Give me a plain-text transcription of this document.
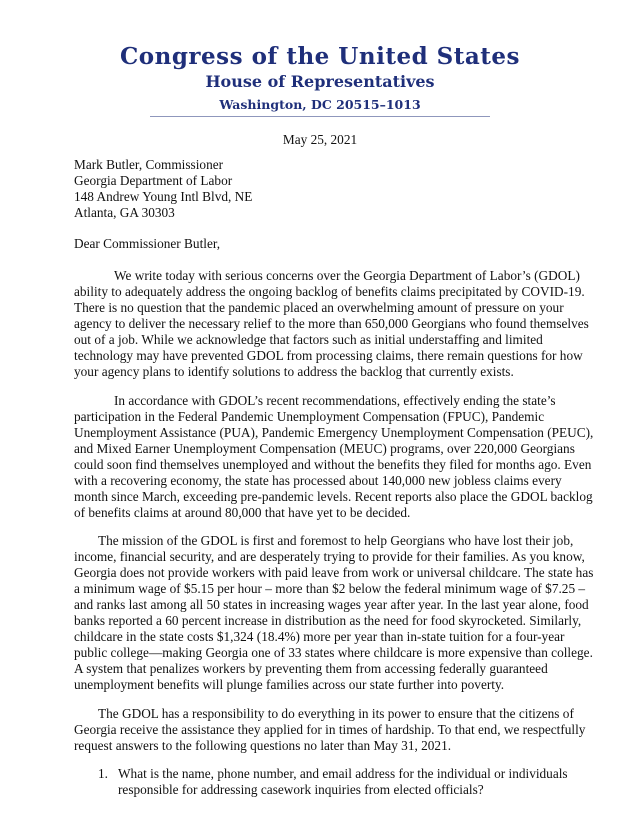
Congress of the United States
House of Representatives
Washington, DC 20515–1013
May 25, 2021
Mark Butler, Commissioner
Georgia Department of Labor
148 Andrew Young Intl Blvd, NE
Atlanta, GA 30303
Dear Commissioner Butler,
We write today with serious concerns over the Georgia Department of Labor’s (GDOL)
ability to adequately address the ongoing backlog of benefits claims precipitated by COVID-19.
There is no question that the pandemic placed an overwhelming amount of pressure on your
agency to deliver the necessary relief to the more than 650,000 Georgians who found themselves
out of a job. While we acknowledge that factors such as initial understaffing and limited
technology may have prevented GDOL from processing claims, there remain questions for how
your agency plans to identify solutions to address the backlog that currently exists.
In accordance with GDOL’s recent recommendations, effectively ending the state’s
participation in the Federal Pandemic Unemployment Compensation (FPUC), Pandemic
Unemployment Assistance (PUA), Pandemic Emergency Unemployment Compensation (PEUC),
and Mixed Earner Unemployment Compensation (MEUC) programs, over 220,000 Georgians
could soon find themselves unemployed and without the benefits they filed for months ago. Even
with a recovering economy, the state has processed about 140,000 new jobless claims every
month since March, exceeding pre-pandemic levels. Recent reports also place the GDOL backlog
of benefits claims at around 80,000 that have yet to be decided.
The mission of the GDOL is first and foremost to help Georgians who have lost their job,
income, financial security, and are desperately trying to provide for their families. As you know,
Georgia does not provide workers with paid leave from work or universal childcare. The state has
a minimum wage of $5.15 per hour – more than $2 below the federal minimum wage of $7.25 –
and ranks last among all 50 states in increasing wages year after year. In the last year alone, food
banks reported a 60 percent increase in distribution as the need for food skyrocketed. Similarly,
childcare in the state costs $1,324 (18.4%) more per year than in-state tuition for a four-year
public college—making Georgia one of 33 states where childcare is more expensive than college.
A system that penalizes workers by preventing them from accessing federally guaranteed
unemployment benefits will plunge families across our state further into poverty.
The GDOL has a responsibility to do everything in its power to ensure that the citizens of
Georgia receive the assistance they applied for in times of hardship. To that end, we respectfully
request answers to the following questions no later than May 31, 2021.
1. What is the name, phone number, and email address for the individual or individuals
responsible for addressing casework inquiries from elected officials?
